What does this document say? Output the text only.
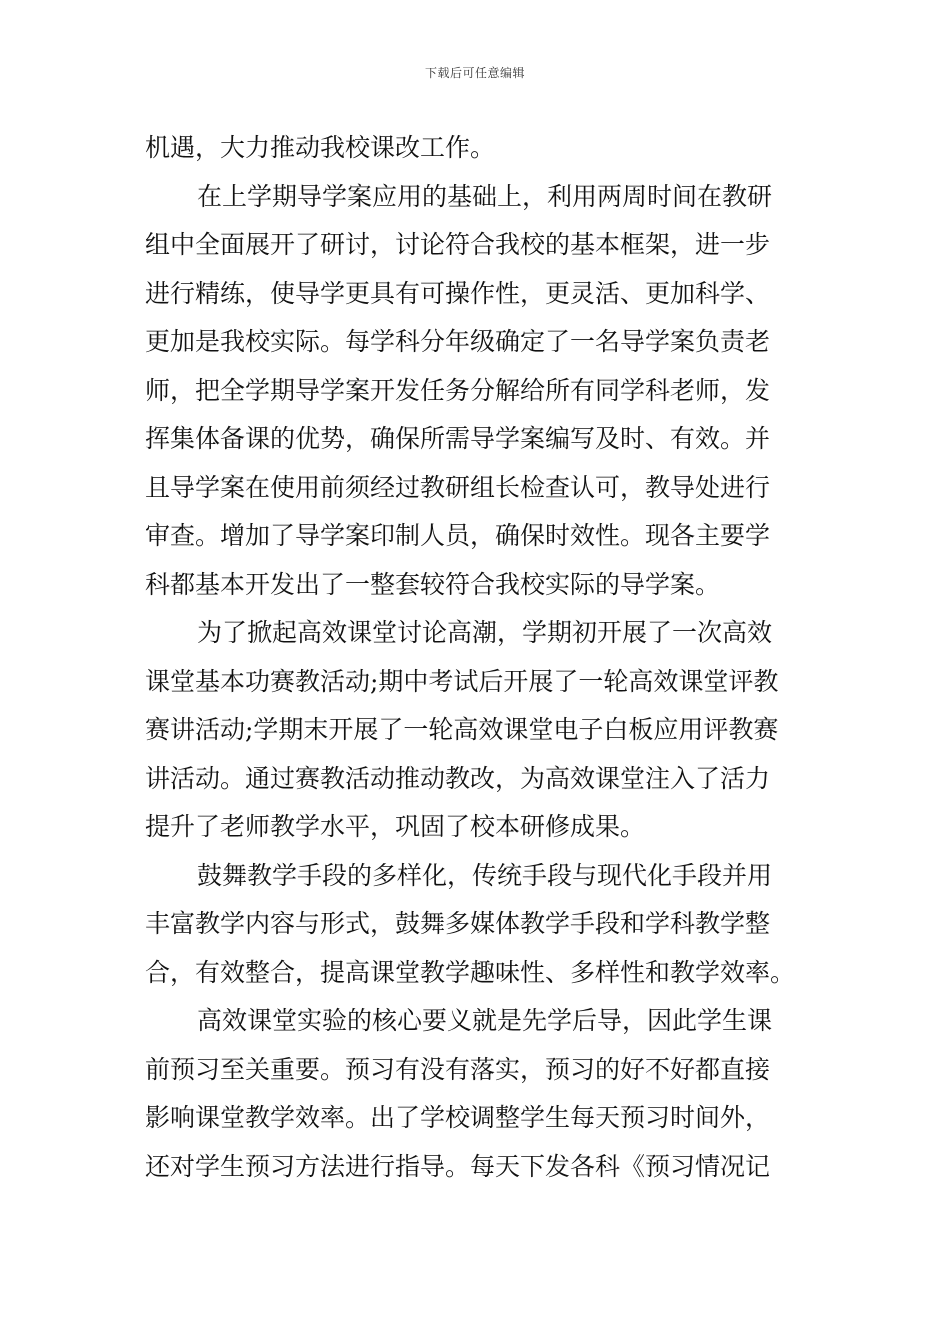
下载后可任意编辑
机遇，大力推动我校课改工作。
在上学期导学案应用的基础上，利用两周时间在教研
组中全面展开了研讨，讨论符合我校的基本框架，进一步
进行精练，使导学更具有可操作性，更灵活、更加科学、
更加是我校实际。每学科分年级确定了一名导学案负责老
师，把全学期导学案开发任务分解给所有同学科老师，发
挥集体备课的优势，确保所需导学案编写及时、有效。并
且导学案在使用前须经过教研组长检查认可，教导处进行
审查。增加了导学案印制人员，确保时效性。现各主要学
科都基本开发出了一整套较符合我校实际的导学案。
为了掀起高效课堂讨论高潮，学期初开展了一次高效
课堂基本功赛教活动;期中考试后开展了一轮高效课堂评教
赛讲活动;学期末开展了一轮高效课堂电子白板应用评教赛
讲活动。通过赛教活动推动教改，为高效课堂注入了活力
提升了老师教学水平，巩固了校本研修成果。
鼓舞教学手段的多样化，传统手段与现代化手段并用
丰富教学内容与形式，鼓舞多媒体教学手段和学科教学整
合，有效整合，提高课堂教学趣味性、多样性和教学效率。
高效课堂实验的核心要义就是先学后导，因此学生课
前预习至关重要。预习有没有落实，预习的好不好都直接
影响课堂教学效率。出了学校调整学生每天预习时间外，
还对学生预习方法进行指导。每天下发各科《预习情况记
